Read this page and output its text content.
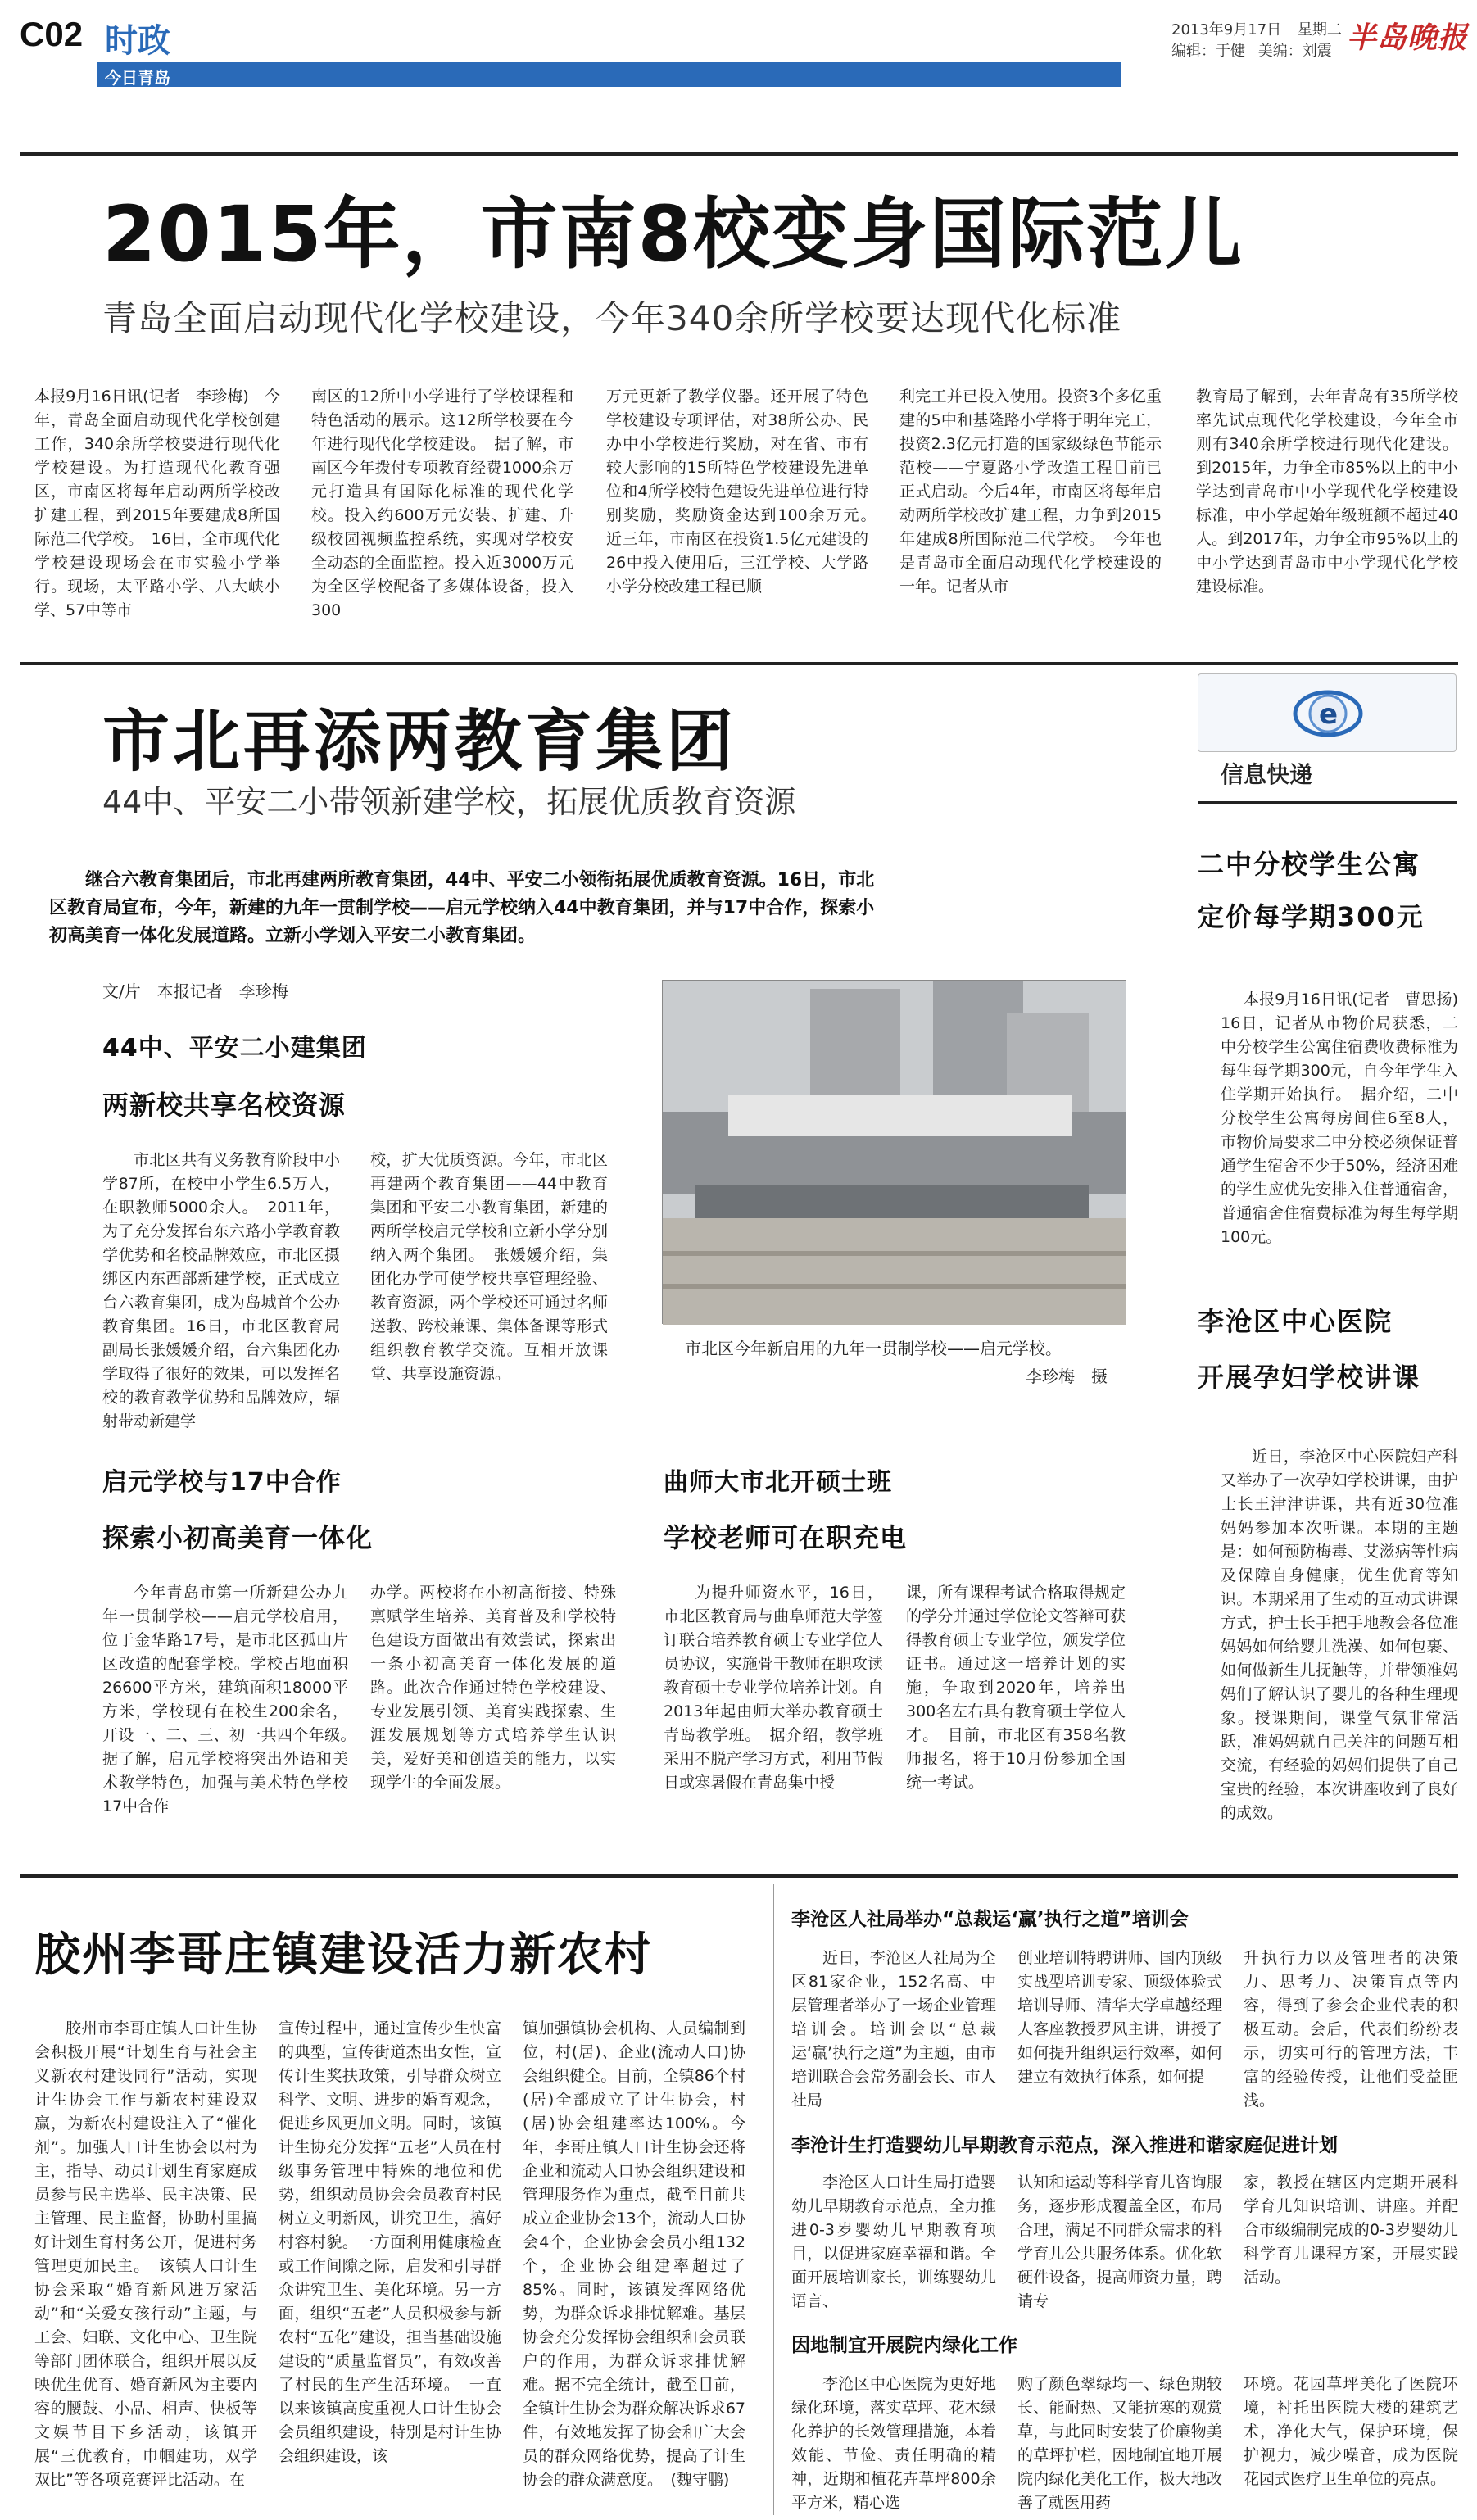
C02 时政
今日青岛
2013年9月17日 星期二
编辑：于健 美编：刘震 半岛晚报
2015年，市南8校变身国际范儿
青岛全面启动现代化学校建设，今年340余所学校要达现代化标准
本报9月16日讯(记者　李珍梅)　今年，青岛全面启动现代化学校创建工作，340余所学校要进行现代化学校建设。为打造现代化教育强区，市南区将每年启动两所学校改扩建工程，到2015年要建成8所国际范二代学校。　16日，全市现代化学校建设现场会在市实验小学举行。现场，太平路小学、八大峡小学、57中等市
南区的12所中小学进行了学校课程和特色活动的展示。这12所学校要在今年进行现代化学校建设。　据了解，市南区今年拨付专项教育经费1000余万元打造具有国际化标准的现代化学校。投入约600万元安装、扩建、升级校园视频监控系统，实现对学校安全动态的全面监控。投入近3000万元为全区学校配备了多媒体设备，投入300
万元更新了教学仪器。还开展了特色学校建设专项评估，对38所公办、民办中小学校进行奖励，对在省、市有较大影响的15所特色学校建设先进单位和4所学校特色建设先进单位进行特别奖励，奖励资金达到100余万元。　近三年，市南区在投资1.5亿元建设的26中投入使用后，三江学校、大学路小学分校改建工程已顺
利完工并已投入使用。投资3个多亿重建的5中和基隆路小学将于明年完工，投资2.3亿元打造的国家级绿色节能示范校——宁夏路小学改造工程目前已正式启动。今后4年，市南区将每年启动两所学校改扩建工程，力争到2015年建成8所国际范二代学校。　今年也是青岛市全面启动现代化学校建设的一年。记者从市
教育局了解到，去年青岛有35所学校率先试点现代化学校建设，今年全市则有340余所学校进行现代化建设。到2015年，力争全市85%以上的中小学达到青岛市中小学现代化学校建设标准，中小学起始年级班额不超过40人。到2017年，力争全市95%以上的中小学达到青岛市中小学现代化学校建设标准。
市北再添两教育集团
44中、平安二小带领新建学校，拓展优质教育资源
继合六教育集团后，市北再建两所教育集团，44中、平安二小领衔拓展优质教育资源。16日，市北区教育局宣布，今年，新建的九年一贯制学校——启元学校纳入44中教育集团，并与17中合作，探索小初高美育一体化发展道路。立新小学划入平安二小教育集团。
文/片　本报记者　李珍梅
44中、平安二小建集团
两新校共享名校资源
市北区共有义务教育阶段中小学87所，在校中小学生6.5万人，在职教师5000余人。　2011年，为了充分发挥台东六路小学教育教学优势和名校品牌效应，市北区摄绑区内东西部新建学校，正式成立台六教育集团，成为岛城首个公办教育集团。16日，市北区教育局副局长张媛媛介绍，台六集团化办学取得了很好的效果，可以发挥名校的教育教学优势和品牌效应，辐射带动新建学
校，扩大优质资源。今年，市北区再建两个教育集团——44中教育集团和平安二小教育集团，新建的两所学校启元学校和立新小学分别纳入两个集团。　张媛媛介绍，集团化办学可使学校共享管理经验、教育资源，两个学校还可通过名师送教、跨校兼课、集体备课等形式组织教育教学交流。互相开放课堂、共享设施资源。
市北区今年新启用的九年一贯制学校——启元学校。
李珍梅　摄
启元学校与17中合作
探索小初高美育一体化
今年青岛市第一所新建公办九年一贯制学校——启元学校启用，位于金华路17号，是市北区孤山片区改造的配套学校。学校占地面积26600平方米，建筑面积18000平方米，学校现有在校生200余名，开设一、二、三、初一共四个年级。　据了解，启元学校将突出外语和美术教学特色，加强与美术特色学校17中合作
办学。两校将在小初高衔接、特殊禀赋学生培养、美育普及和学校特色建设方面做出有效尝试，探索出一条小初高美育一体化发展的道路。此次合作通过特色学校建设、专业发展引领、美育实践探索、生涯发展规划等方式培养学生认识美，爱好美和创造美的能力，以实现学生的全面发展。
曲师大市北开硕士班
学校老师可在职充电
为提升师资水平，16日，市北区教育局与曲阜师范大学签订联合培养教育硕士专业学位人员协议，实施骨干教师在职攻读教育硕士专业学位培养计划。自2013年起由师大举办教育硕士青岛教学班。　据介绍，教学班采用不脱产学习方式，利用节假日或寒暑假在青岛集中授
课，所有课程考试合格取得规定的学分并通过学位论文答辩可获得教育硕士专业学位，颁发学位证书。通过这一培养计划的实施，争取到2020年，培养出300名左右具有教育硕士学位人才。　目前，市北区有358名教师报名，将于10月份参加全国统一考试。
e
信息快递
二中分校学生公寓
定价每学期300元
本报9月16日讯(记者　曹思扬)　16日，记者从市物价局获悉，二中分校学生公寓住宿费收费标准为每生每学期300元，自今年学生入住学期开始执行。　据介绍，二中分校学生公寓每房间住6至8人，市物价局要求二中分校必须保证普通学生宿舍不少于50%，经济困难的学生应优先安排入住普通宿舍，普通宿舍住宿费标准为每生每学期100元。
李沧区中心医院
开展孕妇学校讲课
近日，李沧区中心医院妇产科又举办了一次孕妇学校讲课，由护士长王津津讲课，共有近30位准妈妈参加本次听课。本期的主题是：如何预防梅毒、艾滋病等性病及保障自身健康，优生优育等知识。本期采用了生动的互动式讲课方式，护士长手把手地教会各位准妈妈如何给婴儿洗澡、如何包裹、如何做新生儿抚触等，并带领准妈妈们了解认识了婴儿的各种生理现象。授课期间，课堂气氛非常活跃，准妈妈就自己关注的问题互相交流，有经验的妈妈们提供了自己宝贵的经验，本次讲座收到了良好的成效。
胶州李哥庄镇建设活力新农村
胶州市李哥庄镇人口计生协会积极开展“计划生育与社会主义新农村建设同行”活动，实现计生协会工作与新农村建设双赢，为新农村建设注入了“催化剂”。加强人口计生协会以村为主，指导、动员计划生育家庭成员参与民主选举、民主决策、民主管理、民主监督，协助村里搞好计划生育村务公开，促进村务管理更加民主。　该镇人口计生协会采取“婚育新风进万家活动”和“关爱女孩行动”主题，与工会、妇联、文化中心、卫生院等部门团体联合，组织开展以反映优生优育、婚育新风为主要内容的腰鼓、小品、相声、快板等文娱节目下乡活动，该镇开展“三优教育，巾帼建功，双学双比”等各项竞赛评比活动。在
宣传过程中，通过宣传少生快富的典型，宣传街道杰出女性，宣传计生奖扶政策，引导群众树立科学、文明、进步的婚育观念，促进乡风更加文明。同时，该镇计生协充分发挥“五老”人员在村级事务管理中特殊的地位和优势，组织动员协会会员教育村民树立文明新风，讲究卫生，搞好村容村貌。一方面利用健康检查或工作间隙之际，启发和引导群众讲究卫生、美化环境。另一方面，组织“五老”人员积极参与新农村“五化”建设，担当基础设施建设的“质量监督员”，有效改善了村民的生产生活环境。　一直以来该镇高度重视人口计生协会会员组织建设，特别是村计生协会组织建设，该
镇加强镇协会机构、人员编制到位，村(居)、企业(流动人口)协会组织健全。目前，全镇86个村(居)全部成立了计生协会，村(居)协会组建率达100%。今年，李哥庄镇人口计生协会还将企业和流动人口协会组织建设和管理服务作为重点，截至目前共成立企业协会13个，流动人口协会4个，企业协会会员小组132个，企业协会组建率超过了85%。同时，该镇发挥网络优势，为群众诉求排忧解难。基层协会充分发挥协会组织和会员联户的作用，为群众诉求排忧解难。据不完全统计，截至目前，全镇计生协会为群众解决诉求67件，有效地发挥了协会和广大会员的群众网络优势，提高了计生协会的群众满意度。　(魏守鹏)
李沧区人社局举办“总裁运‘赢’执行之道”培训会
近日，李沧区人社局为全区81家企业，152名高、中层管理者举办了一场企业管理培训会。培训会以“总裁运‘赢’执行之道”为主题，由市培训联合会常务副会长、市人社局
创业培训特聘讲师、国内顶级实战型培训专家、顶级体验式培训导师、清华大学卓越经理人客座教授罗风主讲，讲授了如何提升组织运行效率，如何建立有效执行体系，如何提
升执行力以及管理者的决策力、思考力、决策盲点等内容，得到了参会企业代表的积极互动。会后，代表们纷纷表示，切实可行的管理方法，丰富的经验传授，让他们受益匪浅。
李沧计生打造婴幼儿早期教育示范点，深入推进和谐家庭促进计划
李沧区人口计生局打造婴幼儿早期教育示范点，全力推进0-3岁婴幼儿早期教育项目，以促进家庭幸福和谐。全面开展培训家长，训练婴幼儿语言、
认知和运动等科学育儿咨询服务，逐步形成覆盖全区，布局合理，满足不同群众需求的科学育儿公共服务体系。优化软硬件设备，提高师资力量，聘请专
家，教授在辖区内定期开展科学育儿知识培训、讲座。并配合市级编制完成的0-3岁婴幼儿科学育儿课程方案，开展实践活动。
因地制宜开展院内绿化工作
李沧区中心医院为更好地绿化环境，落实草坪、花木绿化养护的长效管理措施，本着效能、节俭、责任明确的精神，近期和植花卉草坪800余平方米，精心选
购了颜色翠绿均一、绿色期较长、能耐热、又能抗寒的观赏草，与此同时安装了价廉物美的草坪护栏，因地制宜地开展院内绿化美化工作，极大地改善了就医用药
环境。花园草坪美化了医院环境，衬托出医院大楼的建筑艺术，净化大气，保护环境，保护视力，减少噪音，成为医院花园式医疗卫生单位的亮点。
